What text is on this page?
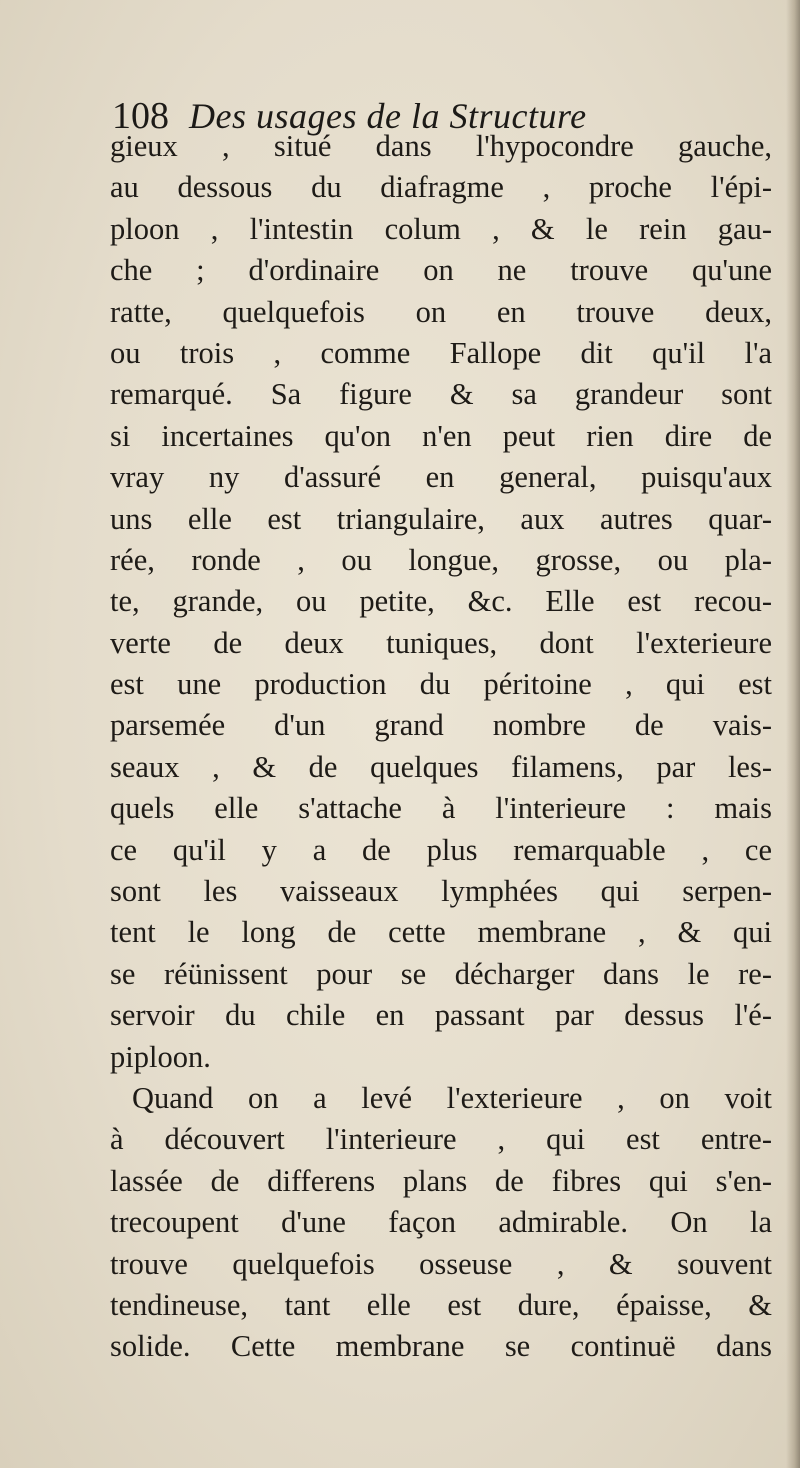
108 Des usages de la Structure
gieux , situé dans l'hypocondre gauche,
au dessous du diafragme , proche l'épi-
ploon , l'intestin colum , & le rein gau-
che ; d'ordinaire on ne trouve qu'une
ratte, quelquefois on en trouve deux,
ou trois , comme Fallope dit qu'il l'a
remarqué. Sa figure & sa grandeur sont
si incertaines qu'on n'en peut rien dire de
vray ny d'assuré en general, puisqu'aux
uns elle est triangulaire, aux autres quar-
rée, ronde , ou longue, grosse, ou pla-
te, grande, ou petite, &c. Elle est recou-
verte de deux tuniques, dont l'exterieure
est une production du péritoine , qui est
parsemée d'un grand nombre de vais-
seaux , & de quelques filamens, par les-
quels elle s'attache à l'interieure : mais
ce qu'il y a de plus remarquable , ce
sont les vaisseaux lymphées qui serpen-
tent le long de cette membrane , & qui
se réünissent pour se décharger dans le re-
servoir du chile en passant par dessus l'é-
piploon.
Quand on a levé l'exterieure , on voit
à découvert l'interieure , qui est entre-
lassée de differens plans de fibres qui s'en-
trecoupent d'une façon admirable. On la
trouve quelquefois osseuse , & souvent
tendineuse, tant elle est dure, épaisse, &
solide. Cette membrane se continuë dans
